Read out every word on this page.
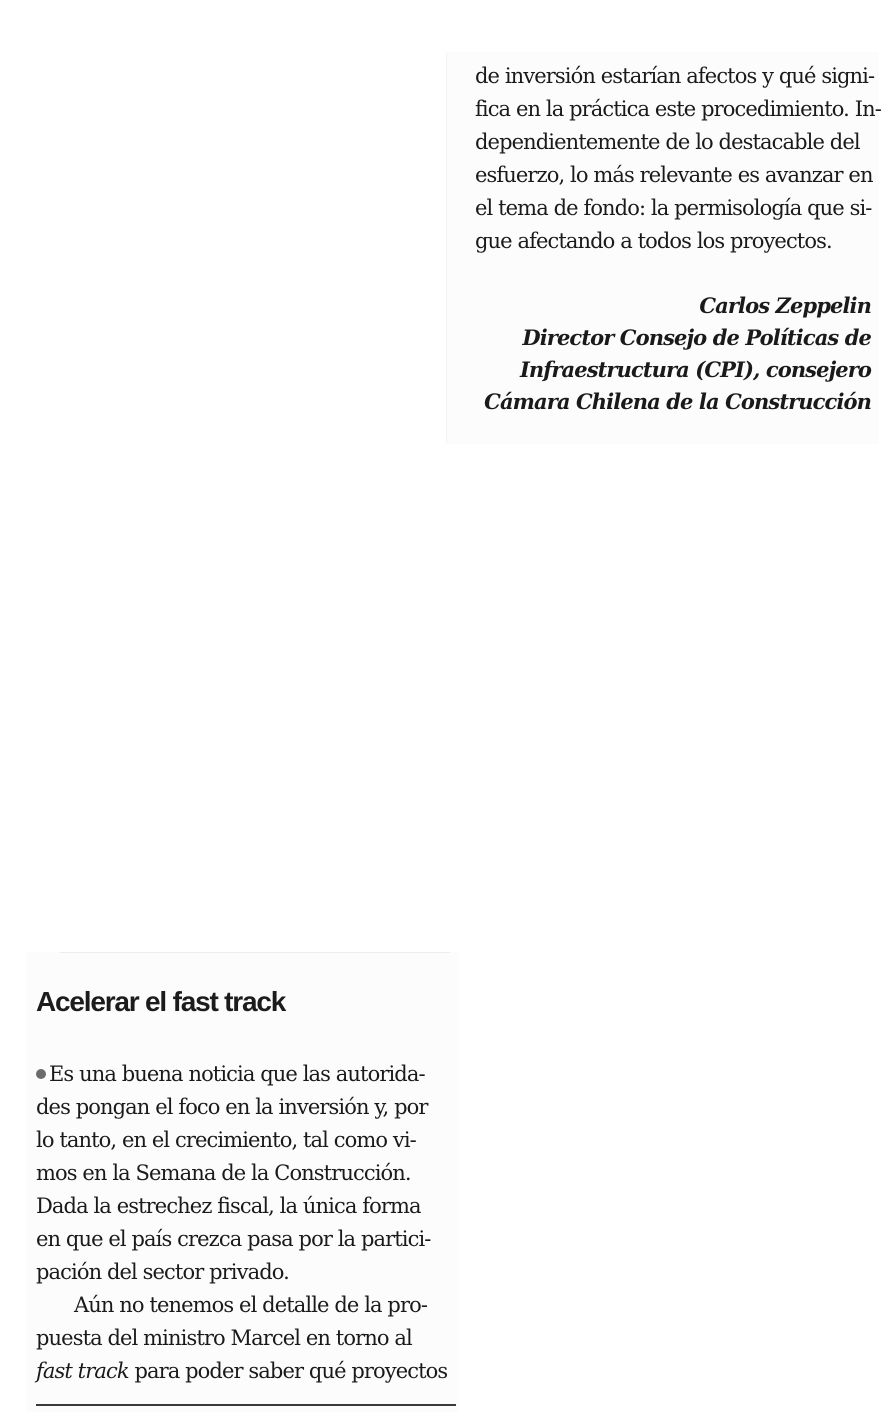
de inversión estarían afectos y qué signi-
fica en la práctica este procedimiento. In-
dependientemente de lo destacable del
esfuerzo, lo más relevante es avanzar en
el tema de fondo: la permisología que si-
gue afectando a todos los proyectos.

Carlos Zeppelin
Director Consejo de Políticas de
Infraestructura (CPI), consejero
Cámara Chilena de la Construcción
Acelerar el fast track

Es una buena noticia que las autorida-
des pongan el foco en la inversión y, por
lo tanto, en el crecimiento, tal como vi-
mos en la Semana de la Construcción.
Dada la estrechez fiscal, la única forma
en que el país crezca pasa por la partici-
pación del sector privado.
Aún no tenemos el detalle de la pro-
puesta del ministro Marcel en torno al
fast track para poder saber qué proyectos
